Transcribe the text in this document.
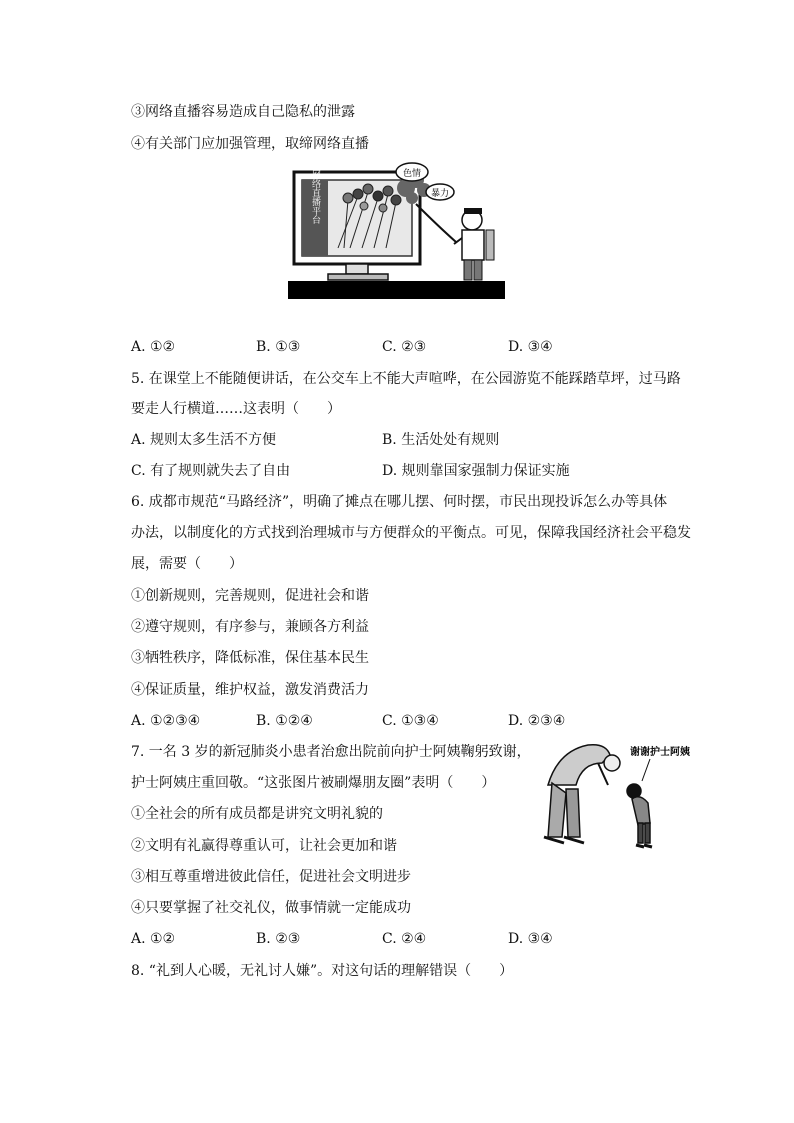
③网络直播容易造成自己隐私的泄露
④有关部门应加强管理，取缔网络直播
某些网络直播平台	色情
暴力
A. ①②	B. ①③	C. ②③	D. ③④
5. 在课堂上不能随便讲话，在公交车上不能大声喧哗，在公园游览不能踩踏草坪，过马路
要走人行横道……这表明（　　）
A. 规则太多生活不方便	B. 生活处处有规则
C. 有了规则就失去了自由	D. 规则靠国家强制力保证实施
6. 成都市规范“马路经济”，明确了摊点在哪儿摆、何时摆，市民出现投诉怎么办等具体
办法，以制度化的方式找到治理城市与方便群众的平衡点。可见，保障我国经济社会平稳发
展，需要（　　）
①创新规则，完善规则，促进社会和谐
②遵守规则，有序参与，兼顾各方利益
③牺牲秩序，降低标准，保住基本民生
④保证质量，维护权益，激发消费活力
A. ①②③④	B. ①②④	C. ①③④	D. ②③④
7. 一名 3 岁的新冠肺炎小患者治愈出院前向护士阿姨鞠躬致谢，
护士阿姨庄重回敬。“这张图片被刷爆朋友圈”表明（　　）
①全社会的所有成员都是讲究文明礼貌的
②文明有礼赢得尊重认可，让社会更加和谐
③相互尊重增进彼此信任，促进社会文明进步
④只要掌握了社交礼仪，做事情就一定能成功
谢谢护士阿姨
A. ①②	B. ②③	C. ②④	D. ③④
8. “礼到人心暖，无礼讨人嫌”。对这句话的理解错误（　　）
